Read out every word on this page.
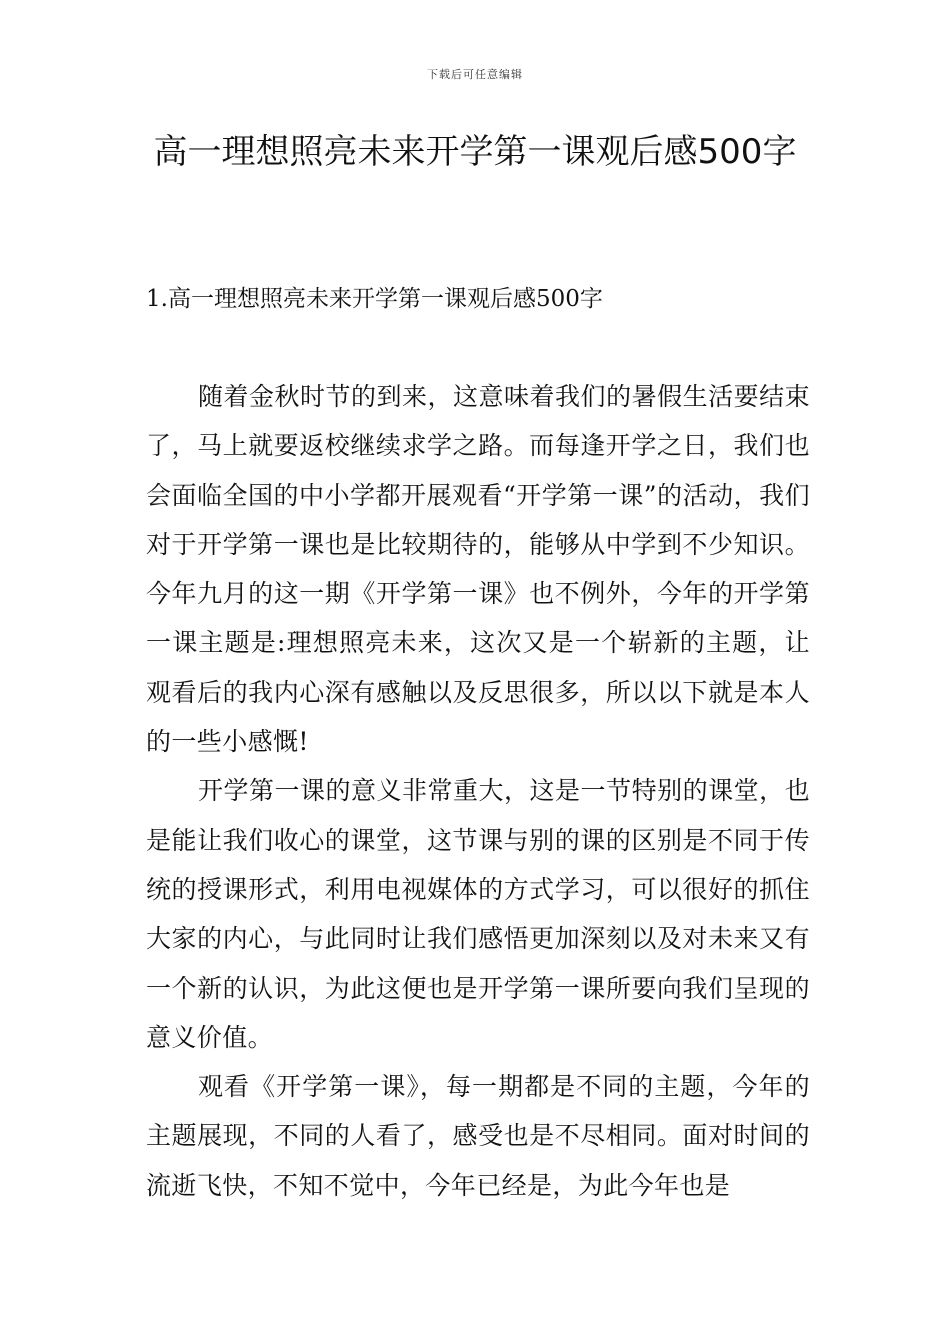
下载后可任意编辑
高一理想照亮未来开学第一课观后感500字
1.高一理想照亮未来开学第一课观后感500字

随着金秋时节的到来，这意味着我们的暑假生活要结束了，马上就要返校继续求学之路。而每逢开学之日，我们也会面临全国的中小学都开展观看“开学第一课”的活动，我们对于开学第一课也是比较期待的，能够从中学到不少知识。今年九月的这一期《开学第一课》也不例外，今年的开学第一课主题是:理想照亮未来，这次又是一个崭新的主题，让观看后的我内心深有感触以及反思很多，所以以下就是本人的一些小感慨!

开学第一课的意义非常重大，这是一节特别的课堂，也是能让我们收心的课堂，这节课与别的课的区别是不同于传统的授课形式，利用电视媒体的方式学习，可以很好的抓住大家的内心，与此同时让我们感悟更加深刻以及对未来又有一个新的认识，为此这便也是开学第一课所要向我们呈现的意义价值。

观看《开学第一课》，每一期都是不同的主题，今年的主题展现，不同的人看了，感受也是不尽相同。面对时间的流逝飞快，不知不觉中，今年已经是，为此今年也是
